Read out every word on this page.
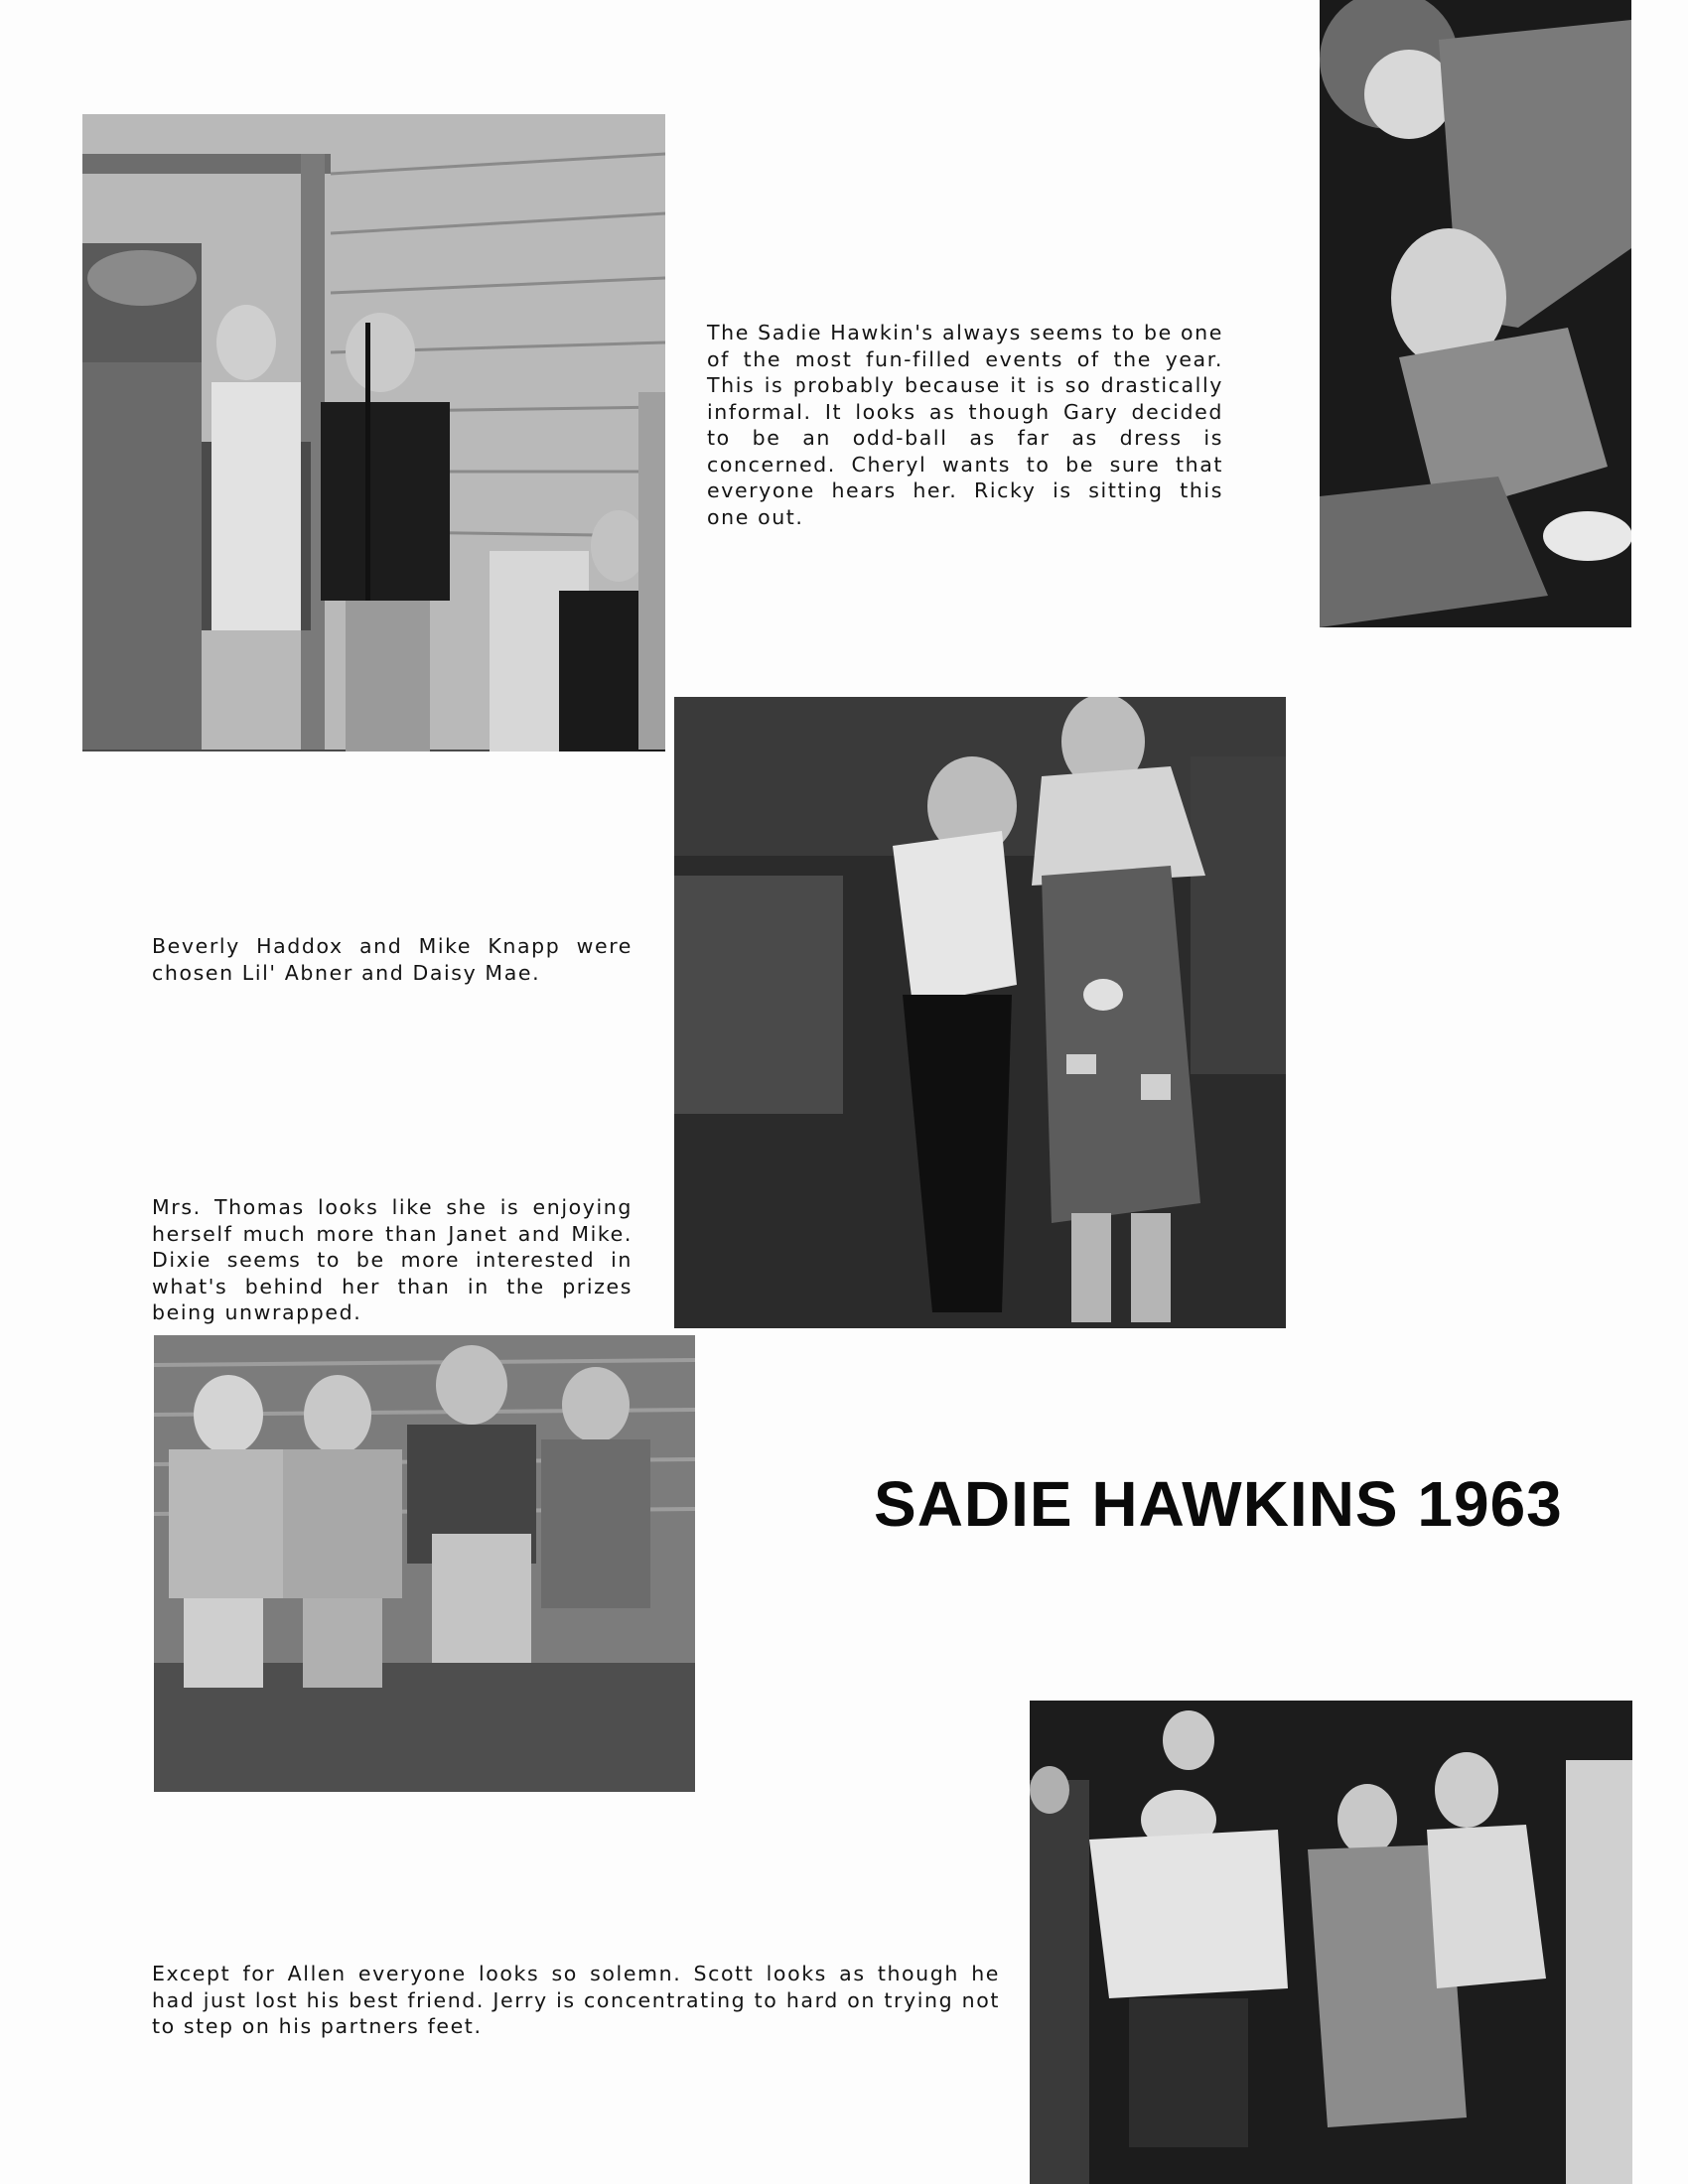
The Sadie Hawkin's always seems to be one of the most fun-filled events of the year. This is probably because it is so drastically informal. It looks as though Gary decided to be an odd-ball as far as dress is concerned. Cheryl wants to be sure that everyone hears her. Ricky is sitting this one out.

Beverly Haddox and Mike Knapp were chosen Lil' Abner and Daisy Mae.

Mrs. Thomas looks like she is enjoying herself much more than Janet and Mike. Dixie seems to be more interested in what's behind her than in the prizes being unwrapped.

SADIE HAWKINS 1963

Except for Allen everyone looks so solemn. Scott looks as though he had just lost his best friend. Jerry is concentrating to hard on trying not to step on his partners feet.
